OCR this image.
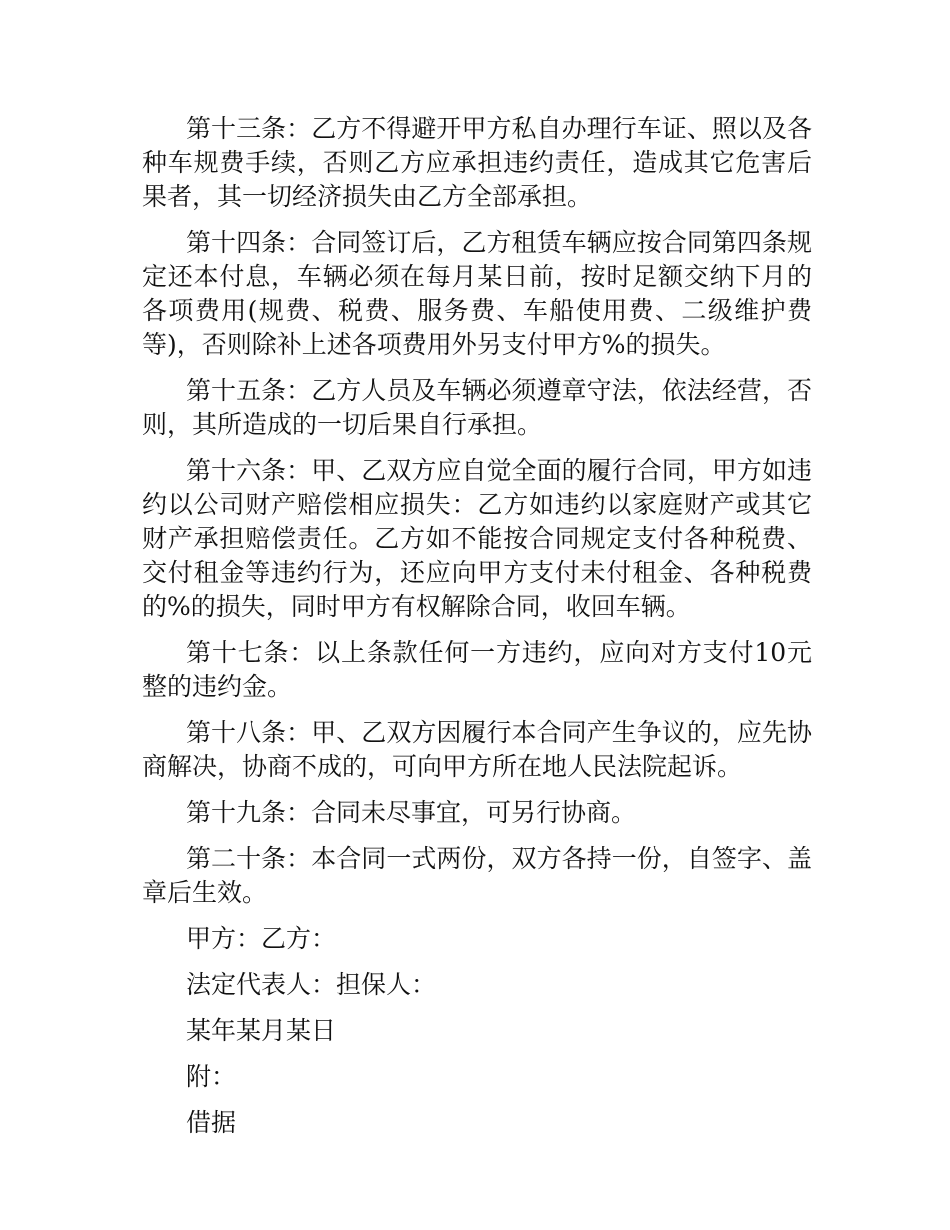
第十三条：乙方不得避开甲方私自办理行车证、照以及各种车规费手续，否则乙方应承担违约责任，造成其它危害后果者，其一切经济损失由乙方全部承担。

第十四条：合同签订后，乙方租赁车辆应按合同第四条规定还本付息，车辆必须在每月某日前，按时足额交纳下月的各项费用(规费、税费、服务费、车船使用费、二级维护费等)，否则除补上述各项费用外另支付甲方%的损失。

第十五条：乙方人员及车辆必须遵章守法，依法经营，否则，其所造成的一切后果自行承担。

第十六条：甲、乙双方应自觉全面的履行合同，甲方如违约以公司财产赔偿相应损失：乙方如违约以家庭财产或其它财产承担赔偿责任。乙方如不能按合同规定支付各种税费、交付租金等违约行为，还应向甲方支付未付租金、各种税费的%的损失，同时甲方有权解除合同，收回车辆。

第十七条：以上条款任何一方违约，应向对方支付10元整的违约金。

第十八条：甲、乙双方因履行本合同产生争议的，应先协商解决，协商不成的，可向甲方所在地人民法院起诉。

第十九条：合同未尽事宜，可另行协商。

第二十条：本合同一式两份，双方各持一份，自签字、盖章后生效。

甲方：乙方：

法定代表人：担保人：

某年某月某日

附：

借据
